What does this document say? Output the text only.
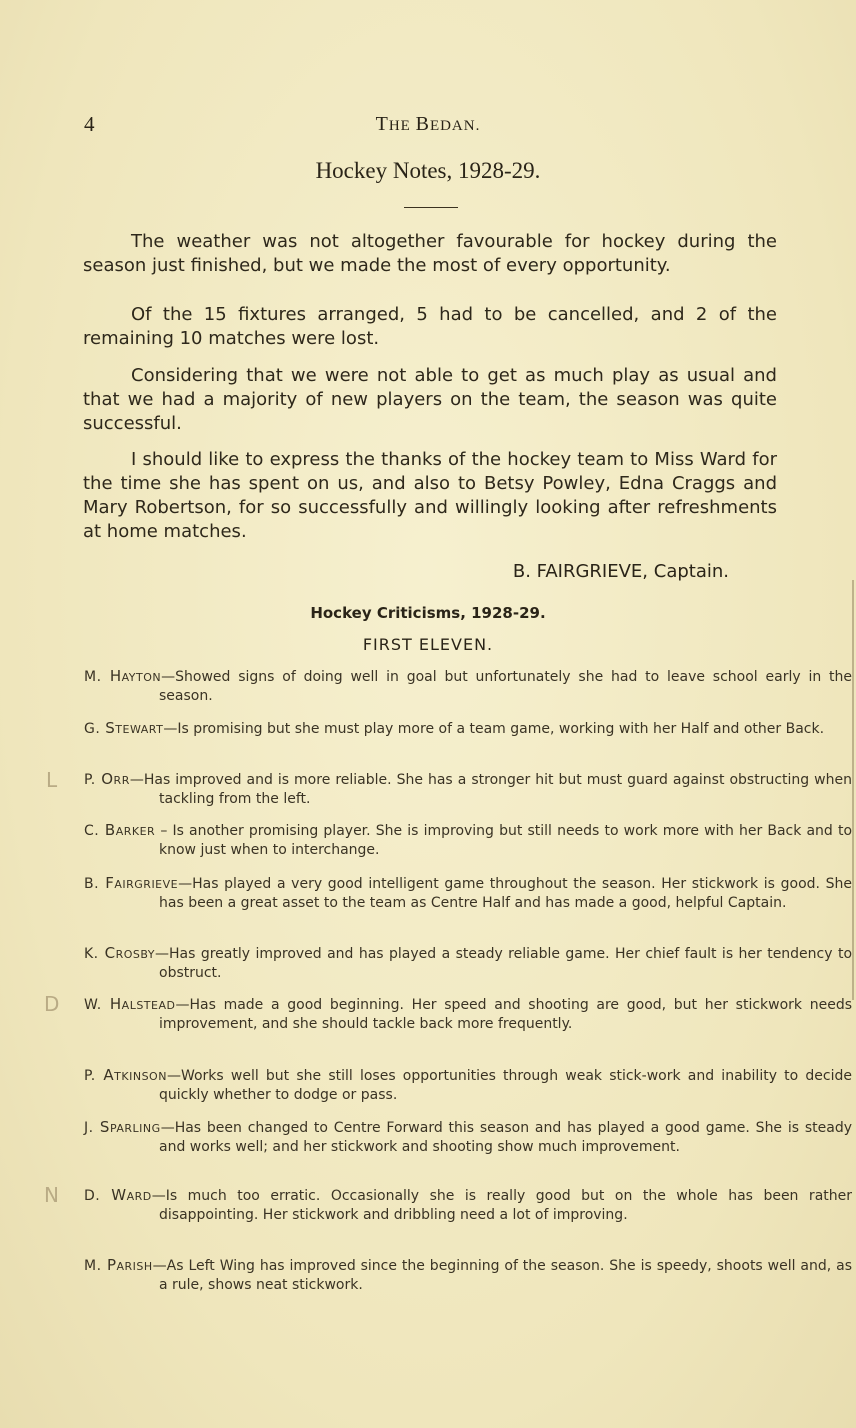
4	THE BEDAN.
Hockey Notes, 1928-29.

The weather was not altogether favourable for hockey during the season just finished, but we made the most of every opportunity.

Of the 15 fixtures arranged, 5 had to be cancelled, and 2 of the remaining 10 matches were lost.

Considering that we were not able to get as much play as usual and that we had a majority of new players on the team, the season was quite successful.

I should like to express the thanks of the hockey team to Miss Ward for the time she has spent on us, and also to Betsy Powley, Edna Craggs and Mary Robertson, for so successfully and willingly looking after refreshments at home matches.

B. FAIRGRIEVE, Captain.
Hockey Criticisms, 1928-29.
FIRST ELEVEN.

M. HAYTON—Showed signs of doing well in goal but unfortunately she had to leave school early in the season.

G. STEWART—Is promising but she must play more of a team game, working with her Half and other Back.

P. ORR—Has improved and is more reliable. She has a stronger hit but must guard against obstructing when tackling from the left.

C. BARKER – Is another promising player. She is improving but still needs to work more with her Back and to know just when to interchange.

B. FAIRGRIEVE—Has played a very good intelligent game throughout the season. Her stickwork is good. She has been a great asset to the team as Centre Half and has made a good, helpful Captain.

K. CROSBY—Has greatly improved and has played a steady reliable game. Her chief fault is her tendency to obstruct.

W. HALSTEAD—Has made a good beginning. Her speed and shooting are good, but her stickwork needs improvement, and she should tackle back more frequently.

P. ATKINSON—Works well but she still loses opportunities through weak stick-work and inability to decide quickly whether to dodge or pass.

J. SPARLING—Has been changed to Centre Forward this season and has played a good game. She is steady and works well; and her stickwork and shooting show much improvement.

D. WARD—Is much too erratic. Occasionally she is really good but on the whole has been rather disappointing. Her stickwork and dribbling need a lot of improving.

M. PARISH—As Left Wing has improved since the beginning of the season. She is speedy, shoots well and, as a rule, shows neat stickwork.

L
D
N
